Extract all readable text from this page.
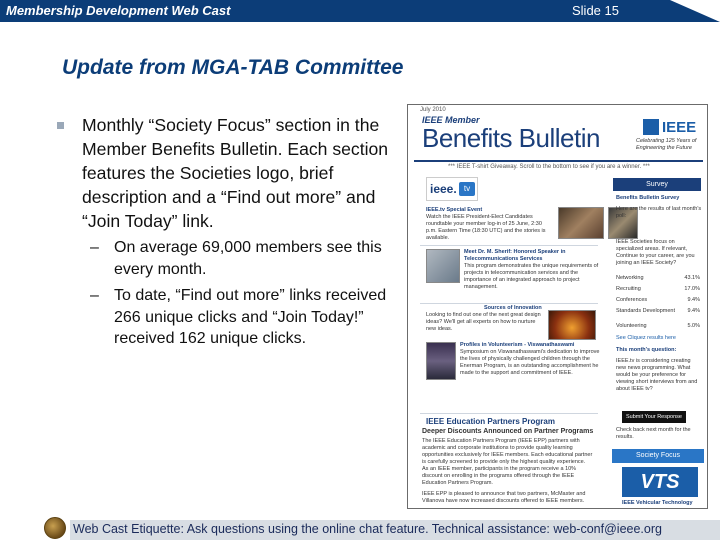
Membership Development Web Cast	Slide 15
Update from MGA-TAB Committee
Monthly “Society Focus” section in the Member Benefits Bulletin. Each section features the Societies logo, brief description and a “Find out more” and “Join Today” link.
– On average 69,000 members see this every month.
– To date, “Find out more” links received 266 unique clicks and “Join Today!” received 162 unique clicks.
July 2010
IEEE Member
Benefits Bulletin	IEEE
Celebrating 125 Years of Engineering the Future
*** IEEE T-shirt Giveaway. Scroll to the bottom to see if you are a winner. ***
ieee. tv
IEEE.tv Special Event
Watch the IEEE President-Elect Candidates roundtable your member log-in of 25 June, 2:30 p.m. Eastern Time (18:30 UTC) and the stories is available.
Meet Dr. M. Sherif: Honored Speaker in Telecommunications Services
This program demonstrates the unique requirements of projects in telecommunication services and the importance of an integrated approach to project management.
Sources of Innovation
Looking to find out one of the next great design ideas? We'll get all experts on how to nurture new ideas.
Profiles in Volunteerism - Viswanathaswami
Symposium on Viswanathaswami's dedication to improve the lives of physically challenged children through the Enerman Program, is an outstanding accomplishment he made to the support and commitment of IEEE.
IEEE Education Partners Program
Deeper Discounts Announced on Partner Programs
The IEEE Education Partners Program (IEEE EPP) partners with
academic and corporate institutions to provide quality learning
opportunities exclusively for IEEE members. Each educational partner
is carefully screened to provide only the highest quality experience.
As an IEEE member, participants in the program receive a 10%
discount on enrolling in the programs offered through the IEEE
Education Partners Program.
IEEE EPP is pleased to announce that two partners, McMaster and
Villanova have now increased discounts offered to IEEE members.
Survey
Benefits Bulletin Survey
Here are the results of last month's poll:
IEEE Societies focus on specialized areas. If relevant, Continue to your career, are you joining an IEEE Society?
Networking	43.1%
Recruiting	17.0%
Conferences	9.4%
Standards Development 9.4%
Volunteering	5.0%
See Cliquez results here
This month's question:
IEEE.tv is considering creating new news programming. What would be your preference for viewing short interviews from and about IEEE tv?
Submit Your Response
Check back next month for the results.
Society Focus
VTS
IEEE Vehicular Technology
Web Cast Etiquette: Ask questions using the online chat feature. Technical assistance: web-conf@ieee.org
